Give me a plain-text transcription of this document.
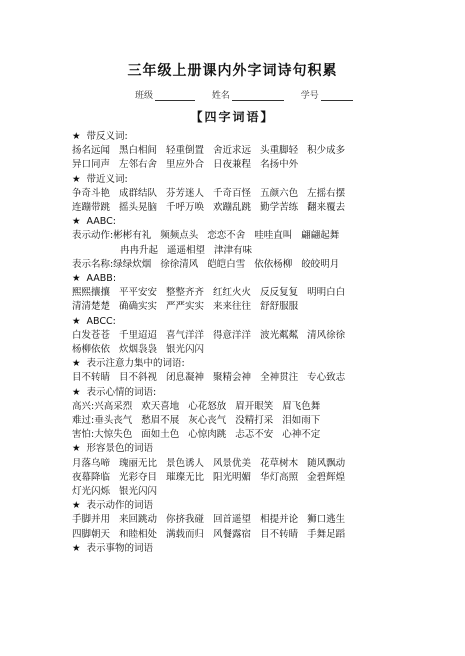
三年级上册课内外字词诗句积累
班级	姓名	学号
【四字词语】
★ 带反义词:
扬名远闻 黑白相间 轻重倒置 舍近求远 头重脚轻 积少成多
异口同声 左邻右舍 里应外合 日夜兼程 名扬中外
★ 带近义词:
争奇斗艳 成群结队 芬芳迷人 千奇百怪 五颜六色 左摇右摆
连蹦带跳 摇头晃脑 千呼万唤 欢蹦乱跳 勤学苦练 翻来覆去
★ AABC:
表示动作:彬彬有礼 频频点头 恋恋不舍 哇哇直叫 翩翩起舞
冉冉升起 遥遥相望 津津有味
表示名称:绿绿炊烟 徐徐清风 皑皑白雪 依依杨柳 皎皎明月
★ AABB:
熙熙攘攘 平平安安 整整齐齐 红红火火 反反复复 明明白白
清清楚楚 确确实实 严严实实 来来往往 舒舒服服
★ ABCC:
白发苍苍 千里迢迢 喜气洋洋 得意洋洋 波光粼粼 清风徐徐
杨柳依依 炊烟袅袅 银光闪闪
★ 表示注意力集中的词语:
目不转睛 目不斜视 闭息凝神 聚精会神 全神贯注 专心致志
★ 表示心情的词语:
高兴:兴高采烈 欢天喜地 心花怒放 眉开眼笑 眉飞色舞
难过:垂头丧气 愁眉不展 灰心丧气 没精打采 泪如雨下
害怕:大惊失色 面如土色 心惊肉跳 忐忑不安 心神不定
★ 形容景色的词语
月落乌啼 瑰丽无比 景色诱人 风景优美 花草树木 随风飘动
夜幕降临 光彩夺目 璀璨无比 阳光明媚 华灯高照 金碧辉煌
灯光闪烁 银光闪闪
★ 表示动作的词语
手脚并用 来回跳动 你挤我碰 回首遥望 相提并论 狮口逃生
四脚朝天 和睦相处 满载而归 风餐露宿 目不转睛 手舞足蹈
★ 表示事物的词语
